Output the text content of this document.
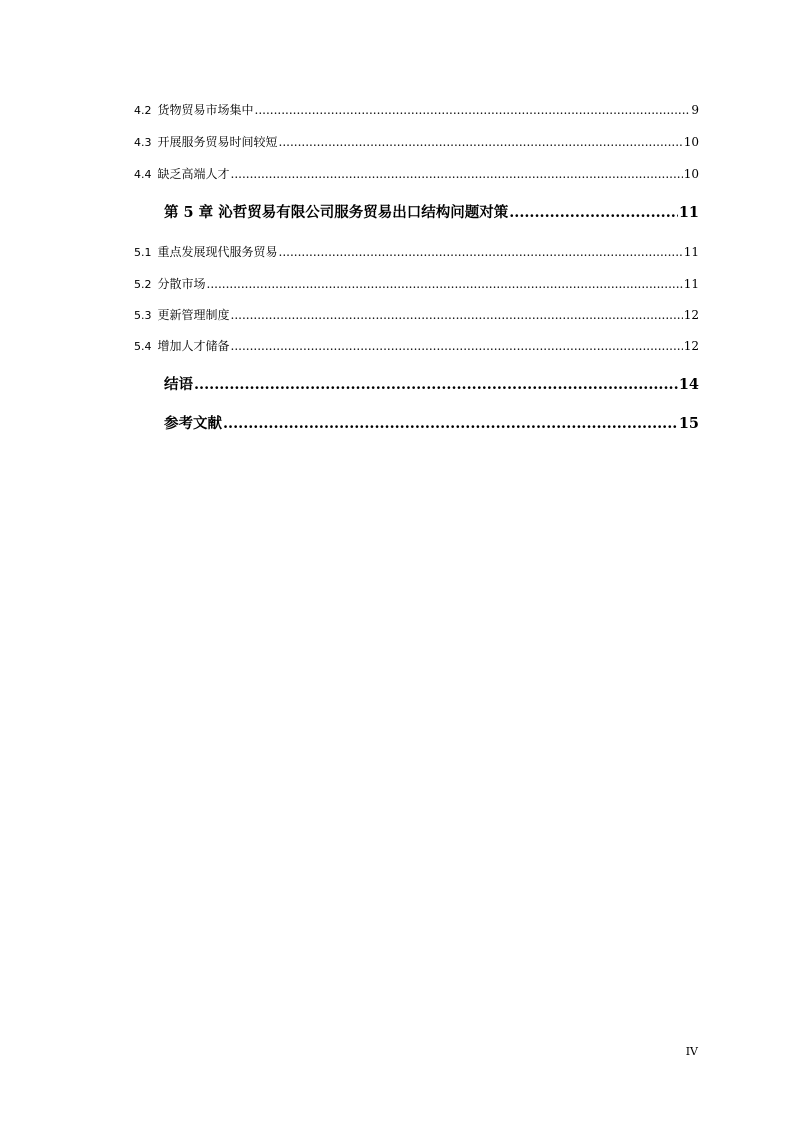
4.2 货物贸易市场集中 .....	9
4.3 开展服务贸易时间较短 .....	10
4.4 缺乏高端人才 .....	10
第 5 章 沁哲贸易有限公司服务贸易出口结构问题对策 .....	11
5.1 重点发展现代服务贸易 .....	11
5.2 分散市场 .....	11
5.3 更新管理制度 .....	12
5.4 增加人才储备 .....	12
结语 .....	14
参考文献 .....	15
IV
